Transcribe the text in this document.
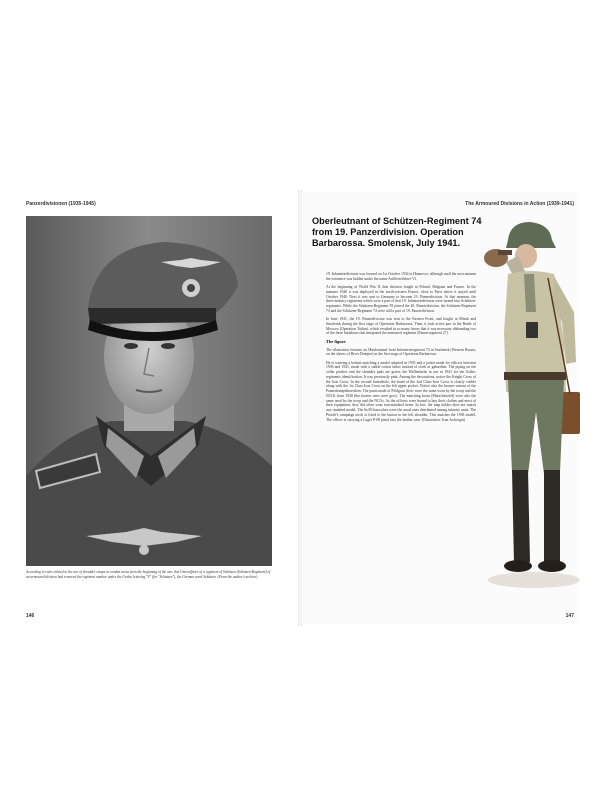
Panzerdivisionen (1935-1945)
According to rules related to the use of shoulder straps in combat areas from the beginning of the war, this Unteroffizier of a regiment of Schützen (Schützen-Regiment) of an armoured division had removed the regiment number under the Gothic lettering "S" (for "Schützen"), the German word Schützen. (From the author's archive)
146
The Armoured Divisions in Action (1939-1941)
Oberleutnant of Schützen-Regiment 74 from 19. Panzerdivision. Operation Barbarossa. Smolensk, July 1941.

19. Infanteriedivision was formed on 1st October 1934 in Hannover, although until the next autumn the existence was hidden under the name Artillerieführer VI.

At the beginning of World War II, that division fought in Poland, Belgium and France. In the summer 1940 it was deployed in the north-western France, close to Paris where it stayed until October 1940. Next it was sent to Germany to become 19. Panzerdivision. At that moment, the three infantry regiments which were a part of that 19. Infanteriedivision were turned into Schützen-regiments. While the Schützen-Regiment 59 joined the 20. Panzerdivision, the Schützen-Regiment 73 and the Schützen-Regiment 74 were still a part of 19. Panzerdivision.

In June 1941, the 19. Panzerdivision was sent to the Eastern Front, and fought in Minsk and Smolensk during the first stage of Operation Barbarossa. Then, it took active part in the Battle of Moscow (Operation Taifun), which resulted in so many losses that it was necessary disbanding two of the three battalions that integrated the armoured regiment (Panzerregiment 27).

The figure

The illustration features an Oberleutnant from Infanterieregiment 74 in Smolensk (Western Russia, on the shores of River Dnieper) in the first stage of Operation Barbarossa.

He is wearing a helmet matching a model adopted in 1935 and a jacket made for officers between 1936 and 1941, made with a subtle cotton fabric instead of cloth or gabardine. The piping on the collar patches and the shoulder pads are green, the Waffenfarbe in use in 1941 for the Gothic regiments identification. It was previously pink. Among the decorations, notice the Knight Cross of the Iron Cross. In the second buttonhole, the band of the 2nd Class Iron Cross is clearly visible along with the 1st Class Iron Cross on the left upper pocket. Notice also the bronze variant of the Panzerkampfabzeichen. The pants made of Feldgrau (feric were the same worn by the troop and the NCOs from 1940 (the former ones were grey). The matching boots (Marschstiefel) were also the same used by the troop and the NCOs. As the officers were bound to buy their clothes and most of their equipment, they did often wear non-standard items. In fact, the map holder does not match any standard model. The 6x30 binoculars were the usual ones distributed among infantry units. The Pistole's campaign torch is fixed to the button in the left shoulder. This matches the 1938 model. The officer is carrying a Luger P-08 pistol into the leather case. (Illustration: Ivan Jochregui)

147
